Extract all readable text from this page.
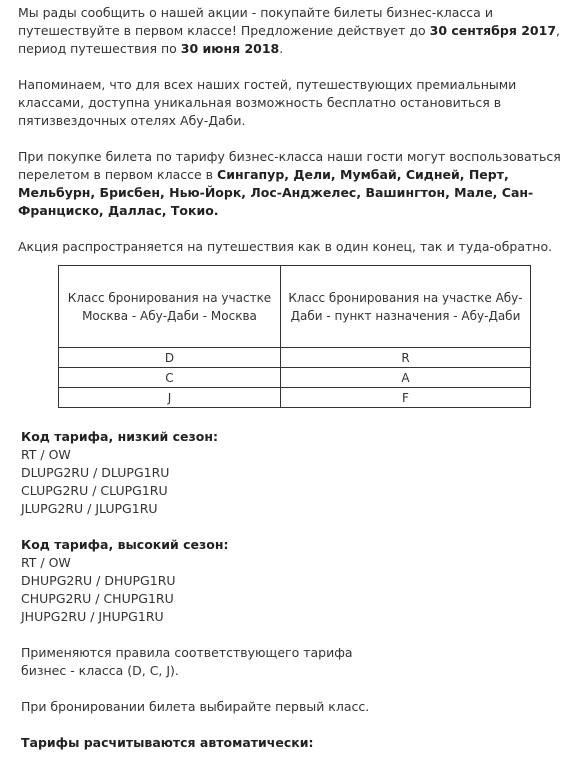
Мы рады сообщить о нашей акции - покупайте билеты бизнес-класса и путешествуйте в первом классе! Предложение действует до 30 сентября 2017, период путешествия по 30 июня 2018.

Напоминаем, что для всех наших гостей, путешествующих премиальными классами, доступна уникальная возможность бесплатно остановиться в пятизвездочных отелях Абу-Даби.

При покупке билета по тарифу бизнес-класса наши гости могут воспользоваться перелетом в первом классе в Сингапур, Дели, Мумбай, Сидней, Перт, Мельбурн, Брисбен, Нью-Йорк, Лос-Анджелес, Вашингтон, Мале, Сан-Франциско, Даллас, Токио.

Акция распространяется на путешествия как в один конец, так и туда-обратно.

Класс бронирования на участке Москва - Абу-Даби - Москва	Класс бронирования на участке Абу-Даби - пункт назначения - Абу-Даби
D	R
C	A
J	F

Код тарифа, низкий сезон:

RT / OW

DLUPG2RU / DLUPG1RU

CLUPG2RU / CLUPG1RU

JLUPG2RU / JLUPG1RU

Код тарифа, высокий сезон:

RT / OW

DHUPG2RU / DHUPG1RU

CHUPG2RU / CHUPG1RU

JHUPG2RU / JHUPG1RU

Применяются правила соответствующего тарифа бизнес - класса (D, C, J).

При бронировании билета выбирайте первый класс.

Тарифы расчитываются автоматически:
